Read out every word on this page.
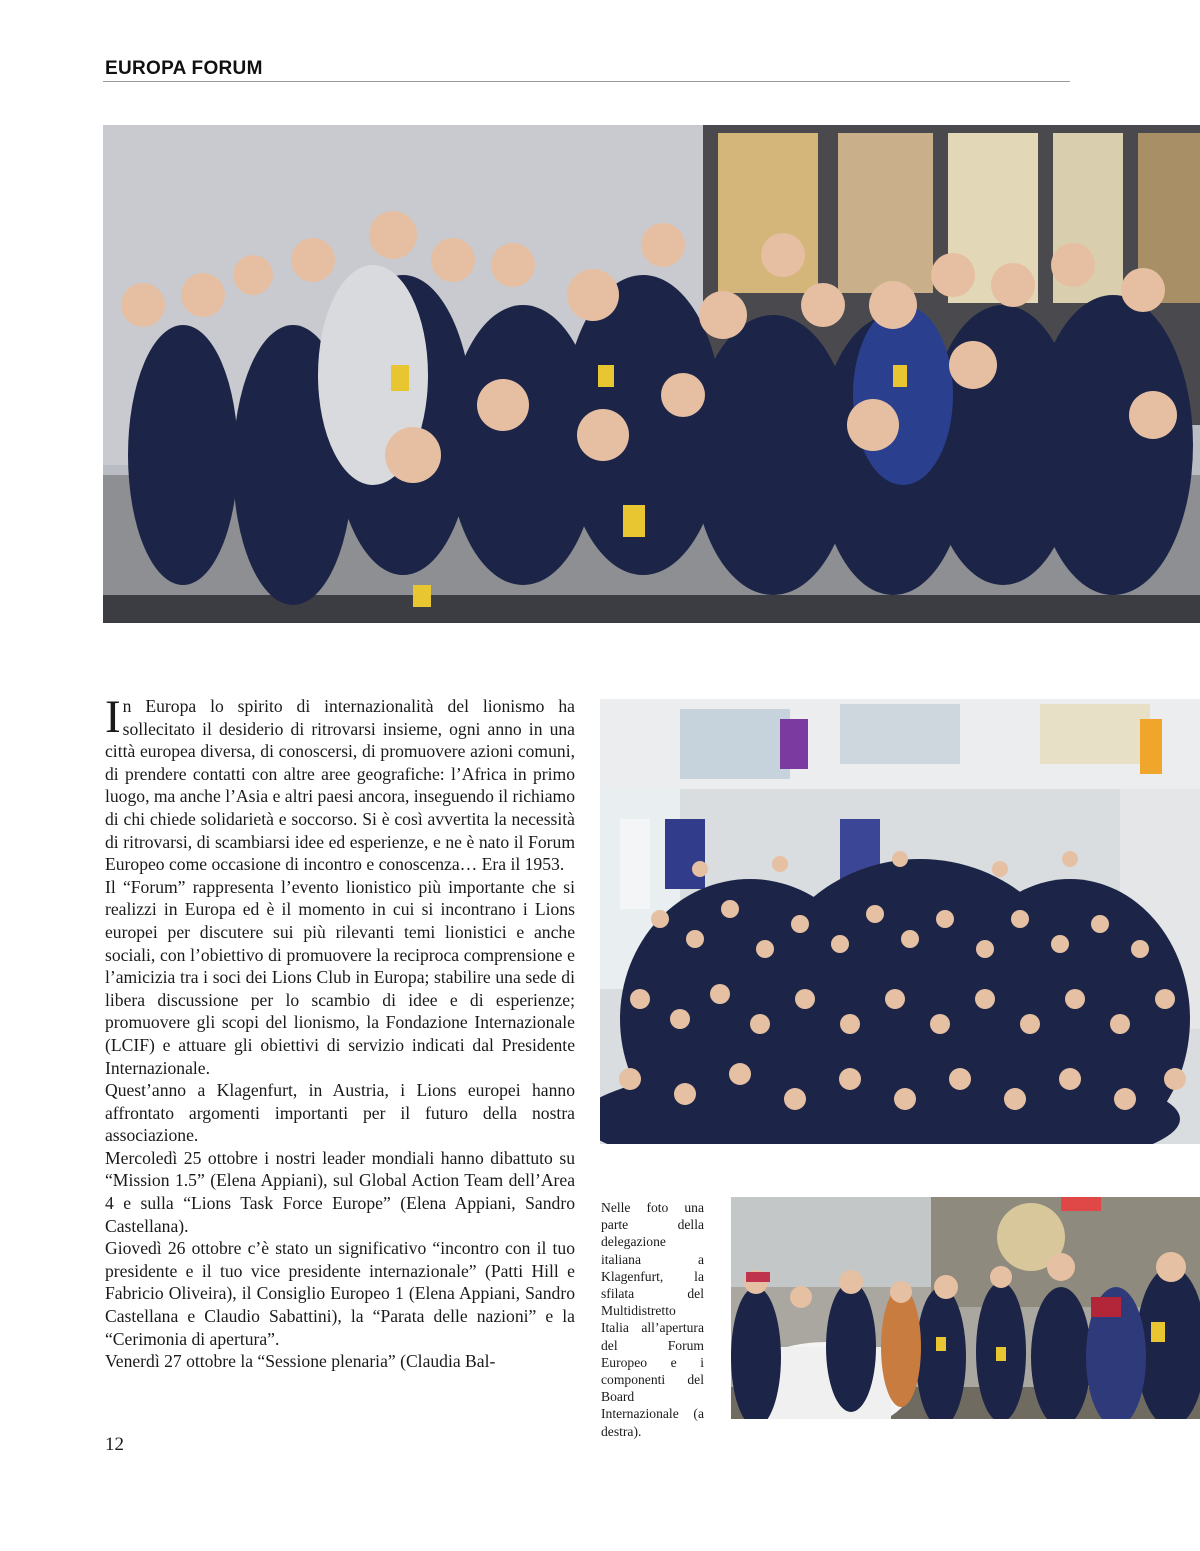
EUROPA FORUM

In Europa lo spirito di internazionalità del lionismo ha sollecitato il desiderio di ritrovarsi insieme, ogni anno in una città europea diversa, di conoscersi, di promuovere azioni comuni, di prendere contatti con altre aree geografiche: l’Africa in primo luogo, ma anche l’Asia e altri paesi ancora, inseguendo il richiamo di chi chiede solidarietà e soccorso. Si è così avvertita la necessità di ritrovarsi, di scambiarsi idee ed esperienze, e ne è nato il Forum Europeo come occasione di incontro e conoscenza… Era il 1953.

Il “Forum” rappresenta l’evento lionistico più importante che si realizzi in Europa ed è il momento in cui si incontrano i Lions europei per discutere sui più rilevanti temi lionistici e anche sociali, con l’obiettivo di promuovere la reciproca comprensione e l’amicizia tra i soci dei Lions Club in Europa; stabilire una sede di libera discussione per lo scambio di idee e di esperienze; promuovere gli scopi del lionismo, la Fondazione Internazionale (LCIF) e attuare gli obiettivi di servizio indicati dal Presidente Internazionale.

Quest’anno a Klagenfurt, in Austria, i Lions europei hanno affrontato argomenti importanti per il futuro della nostra associazione.

Mercoledì 25 ottobre i nostri leader mondiali hanno dibattuto su “Mission 1.5” (Elena Appiani), sul Global Action Team dell’Area 4 e sulla “Lions Task Force Europe” (Elena Appiani, Sandro Castellana).

Giovedì 26 ottobre c’è stato un significativo “incontro con il tuo presidente e il tuo vice presidente internazionale” (Patti Hill e Fabricio Oliveira), il Consiglio Europeo 1 (Elena Appiani, Sandro Castellana e Claudio Sabattini), la “Parata delle nazioni” e la “Cerimonia di apertura”.

Venerdì 27 ottobre la “Sessione plenaria” (Claudia Bal-

Nelle foto una parte della delegazione italiana a Klagenfurt, la sfilata del Multidistretto Italia all’apertura del Forum Europeo e i componenti del Board Internazionale (a destra).
12
